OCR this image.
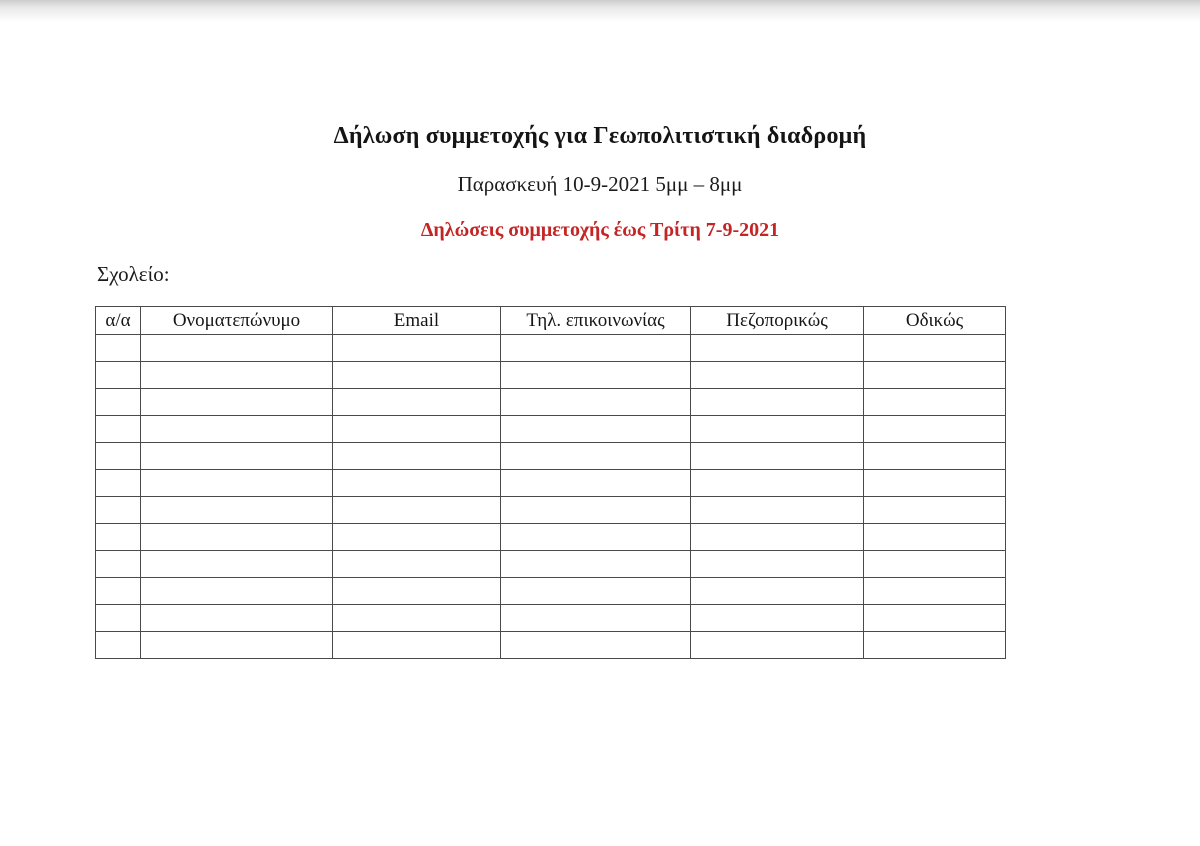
Δήλωση συμμετοχής για Γεωπολιτιστική διαδρομή
Παρασκευή 10-9-2021 5μμ – 8μμ
Δηλώσεις συμμετοχής έως Τρίτη 7-9-2021
Σχολείο:
α/α	Ονοματεπώνυμο	Email	Τηλ. επικοινωνίας	Πεζοπορικώς	Οδικώς
